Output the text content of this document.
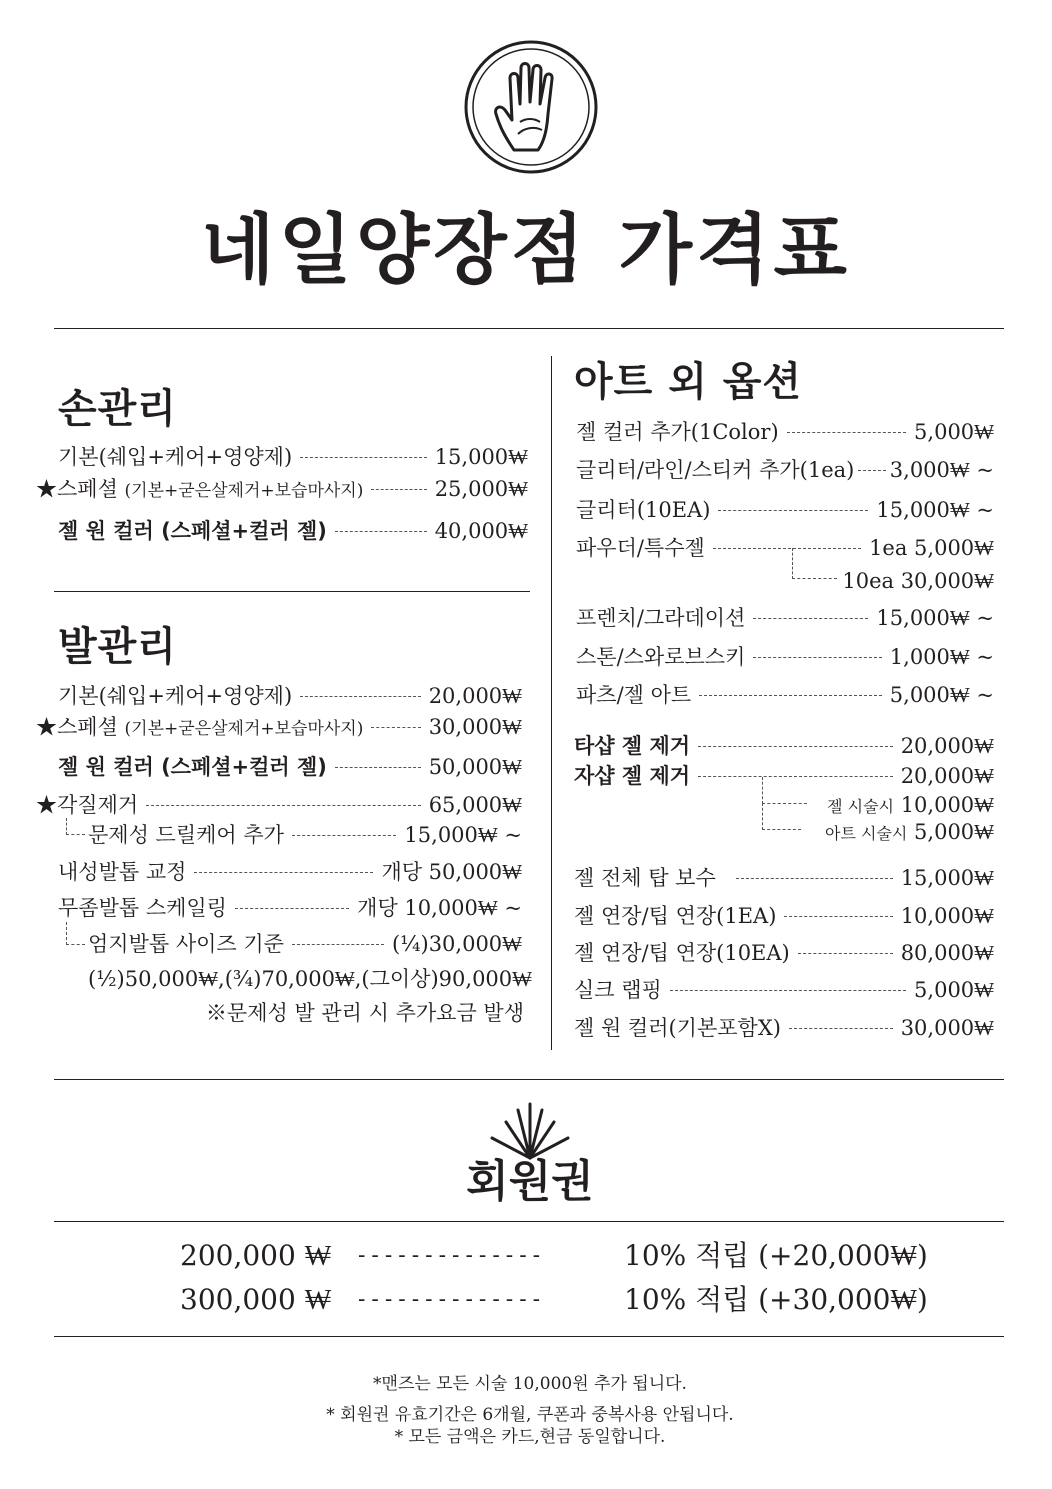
네일양장점 가격표
손관리
기본(쉐입+케어+영양제)	15,000₩
★스페셜 (기본+굳은살제거+보습마사지)	25,000₩
젤 원 컬러 (스페셜+컬러 젤)	40,000₩
발관리
기본(쉐입+케어+영양제)	20,000₩
★스페셜 (기본+굳은살제거+보습마사지)	30,000₩
젤 원 컬러 (스페셜+컬러 젤)	50,000₩
★각질제거	65,000₩
문제성 드릴케어 추가	15,000₩ ~
내성발톱 교정	개당 50,000₩
무좀발톱 스케일링	개당 10,000₩ ~
엄지발톱 사이즈 기준	(¼)30,000₩
(½)50,000₩,(¾)70,000₩,(그이상)90,000₩
※문제성 발 관리 시 추가요금 발생
아트 외 옵션
젤 컬러 추가(1Color)	5,000₩
글리터/라인/스티커 추가(1ea) 3,000₩ ~
글리터(10EA)	15,000₩ ~
파우더/특수젤	1ea 5,000₩
10ea 30,000₩
프렌치/그라데이션	15,000₩ ~
스톤/스와로브스키	1,000₩ ~
파츠/젤 아트	5,000₩ ~
타샵 젤 제거	20,000₩
자샵 젤 제거	20,000₩
젤 시술시 10,000₩
아트 시술시 5,000₩
젤 전체 탑 보수	15,000₩
젤 연장/팁 연장(1EA)	10,000₩
젤 연장/팁 연장(10EA)	80,000₩
실크 랩핑	5,000₩
젤 원 컬러(기본포함X)	30,000₩
회원권
200,000 ₩ --------------	10% 적립 (+20,000₩)
300,000 ₩ --------------	10% 적립 (+30,000₩)
*맨즈는 모든 시술 10,000원 추가 됩니다.
* 회원권 유효기간은 6개월, 쿠폰과 중복사용 안됩니다.
* 모든 금액은 카드,현금 동일합니다.
